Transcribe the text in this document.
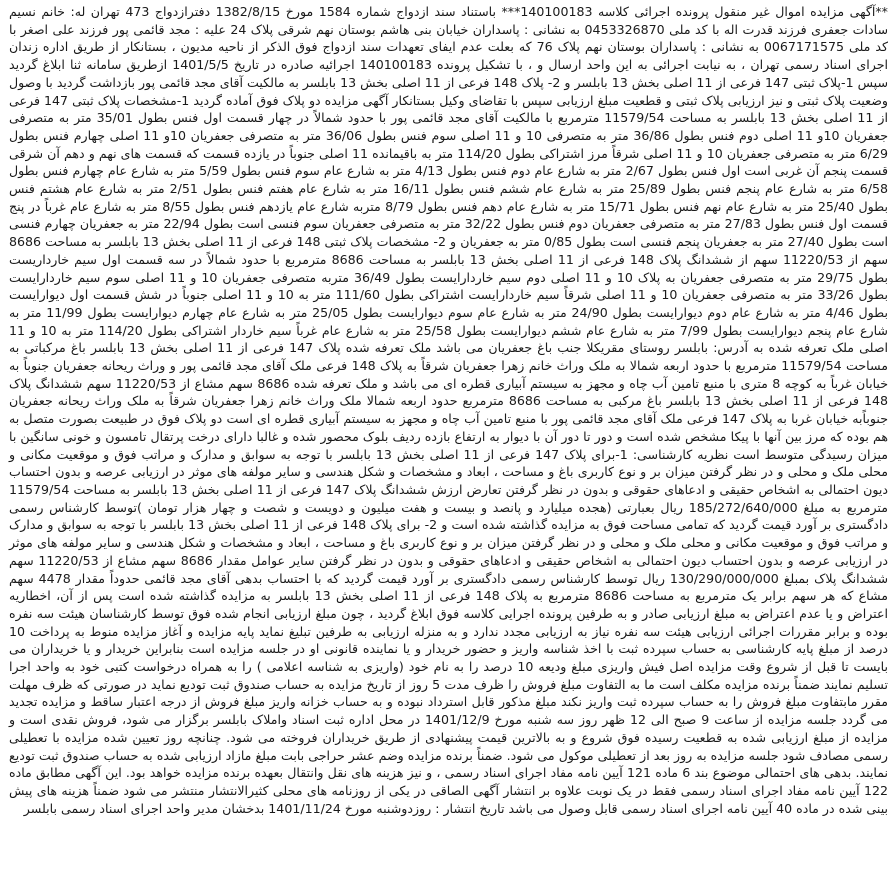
**آگهی مزایده اموال غیر منقول پرونده اجرائی کلاسه 140100183*** باستناد سند ازدواج شماره 1584 مورخ 1382/8/15 دفترازدواج 473 تهران له: خانم نسیم سادات جعفری فرزند قدرت اله با کد ملی 0453326870 به نشانی : پاسداران خیابان بنی هاشم بوستان نهم شرقی پلاک 24 علیه : مجد قائمی پور فرزند علی اصغر با کد ملی 0067171575 به نشانی : پاسداران بوستان نهم پلاک 76 که بعلت عدم ایفای تعهدات سند ازدواج فوق الذکر از ناحیه مدیون ، بستانکار از طریق اداره زندان اجرای اسناد رسمی تهران ، به نیابت اجرائی به این واحد ارسال و ، با تشکیل پرونده 140100183 اجرائیه صادره در تاریخ 1401/5/5 ازطریق سامانه ثنا ابلاغ گردید سپس 1-پلاک ثبتی 147 فرعی از 11 اصلی بخش 13 بابلسر و 2- پلاک 148 فرعی از 11 اصلی بخش 13 بابلسر به مالکیت آقای مجد قائمی پور بازداشت گردید با وصول وضعیت پلاک ثبتی و نیز ارزیابی پلاک ثبتی و قطعیت مبلغ ارزیابی سپس با تقاضای وکیل بستانکار آگهی مزایده دو پلاک فوق آماده گردید 1-مشخصات پلاک ثبتی 147 فرعی از 11 اصلی بخش 13 بابلسر به مساحت 11579/54 مترمربع با مالکیت آقای مجد قائمی پور با حدود شمالاً در چهار قسمت اول فنس بطول 35/01 متر به متصرفی جعفریان 10و 11 اصلی دوم فنس بطول 36/86 متر به متصرفی 10 و 11 اصلی سوم فنس بطول 36/06 متر به متصرفی جعفریان 10و 11 اصلی چهارم فنس بطول 6/29 متر به متصرفی جعفریان 10 و 11 اصلی شرقاً مرز اشتراکی بطول 114/20 متر به باقیمانده 11 اصلی جنوباً در یازده قسمت که قسمت های نهم و دهم آن شرقی قسمت پنجم آن غربی است اول فنس بطول 2/67 متر به شارع عام دوم فنس بطول 4/13 متر به شارع عام سوم فنس بطول 5/59 متر به شارع عام چهارم فنس بطول 6/58 متر به شارع عام پنجم فنس بطول 25/89 متر به شارع عام ششم فنس بطول 16/11 متر به شارع عام هفتم فنس بطول 2/51 متر به شارع عام هشتم فنس بطول 25/40 متر به شارع عام نهم فنس بطول 15/71 متر به شارع عام دهم فنس بطول 8/79 متربه شارع عام یازدهم فنس بطول 8/55 متر به شارع عام غرباً در پنج قسمت اول فنس بطول 27/83 متر به متصرفی جعفریان دوم فنس بطول 32/22 متر به متصرفی جعفریان سوم فنسی است بطول 22/94 متر به جعفریان چهارم فنسی است بطول 27/40 متر به جعفریان پنجم فنسی است بطول 0/85 متر به جعفریان و 2- مشخصات پلاک ثبتی 148 فرعی از 11 اصلی بخش 13 بابلسر به مساحت 8686 سهم از 11220/53 سهم از ششدانگ پلاک 148 فرعی از 11 اصلی بخش 13 بابلسر به مساحت 8686 مترمربع با حدود شمالاً در سه قسمت اول سیم خارداریست بطول 29/75 متر به متصرفی جعفریان به پلاک 10 و 11 اصلی دوم سیم خاردارایست بطول 36/49 متربه متصرفی جعفریان 10 و 11 اصلی سوم سیم خاردارایست بطول 33/26 متر به متصرفی جعفریان 10 و 11 اصلی شرقاً سیم خاردارایست اشتراکی بطول 111/60 متر به 10 و 11 اصلی جنوباً در شش قسمت اول دیوارایست بطول 4/46 متر به شارع عام دوم دیوارایست بطول 24/90 متر به شارع عام سوم دیوارایست بطول 25/05 متر به شارع عام چهارم دیوارایست بطول 11/99 متر به شارع عام پنجم دیوارایست بطول 7/99 متر به شارع عام ششم دیوارایست بطول 25/58 متر به شارع عام غرباً سیم خاردار اشتراکی بطول 114/20 متر به 10 و 11 اصلی ملک تعرفه شده به آدرس: بابلسر روستای مقریکلا جنب باغ جعفریان می باشد ملک تعرفه شده پلاک 147 فرعی از 11 اصلی بخش 13 بابلسر باغ مرکباتی به مساحت 11579/54 مترمربع با حدود اربعه شمالا به ملک وراث خانم زهرا جعفریان شرقاً به پلاک 148 فرعی ملک آقای مجد قائمی پور و وراث ریحانه جعفریان جنوباً به خیابان غرباً به کوچه 8 متری با منبع تامین آب چاه و مجهز به سیستم آبیاری قطره ای می باشد و ملک تعرفه شده 8686 سهم مشاع از 11220/53 سهم ششدانگ پلاک 148 فرعی از 11 اصلی بخش 13 بابلسر باغ مرکبی به مساحت 8686 مترمربع حدود اربعه شمالا ملک وراث خانم زهرا جعفریان شرقاً به ملک وراث ریحانه جعفریان جنوباًبه خیابان غربا به پلاک 147 فرعی ملک آقای مجد قائمی پور با منبع تامین آب چاه و مجهز به سیستم آبیاری قطره ای است دو پلاک فوق در طبیعت بصورت متصل به هم بوده که مرز بین آنها با پیکا مشخص شده است و دور تا دور آن با دیوار به ارتفاع بازده ردیف بلوک محصور شده و غالبا دارای درخت پرتقال تامسون و خونی سانگین با میزان رسیدگی متوسط است نظریه کارشناسی: 1-برای پلاک 147 فرعی از 11 اصلی بخش 13 بابلسر با توجه به سوابق و مدارک و مراتب فوق و موقعیت مکانی و محلی ملک و محلی و در نظر گرفتن میزان بر و نوع کاربری باغ و مساحت ، ابعاد و مشخصات و شکل هندسی و سایر مولفه های موثر در ارزیابی عرصه و بدون احتساب دیون احتمالی به اشخاص حقیقی و ادعاهای حقوقی و بدون در نظر گرفتن تعارض ارزش ششدانگ پلاک 147 فرعی از 11 اصلی بخش 13 بابلسر به مساحت 11579/54 مترمربع به مبلغ 185/272/640/000 ریال بعبارتی (هجده میلیارد و پانصد و بیست و هفت میلیون و دویست و شصت و چهار هزار تومان )توسط کارشناس رسمی دادگستری بر آورد قیمت گردید که تمامی مساحت فوق به مزایده گذاشته شده است و 2- برای پلاک 148 فرعی از 11 اصلی بخش 13 بابلسر با توجه به سوابق و مدارک و مراتب فوق و موقعیت مکانی و محلی ملک و محلی و در نظر گرفتن میزان بر و نوع کاربری باغ و مساحت ، ابعاد و مشخصات و شکل هندسی و سایر مولفه های موثر در ارزیابی عرصه و بدون احتساب دیون احتمالی به اشخاص حقیقی و ادعاهای حقوقی و بدون در نظر گرفتن سایر عوامل مقدار 8686 سهم مشاع از 11220/53 سهم ششدانگ پلاک بمبلغ 130/290/000/000 ریال توسط کارشناس رسمی دادگستری بر آورد قیمت گردید که با احتساب بدهی آقای مجد قائمی حدوداً مقدار 4478 سهم مشاع که هر سهم برابر یک مترمربع به مساحت 8686 مترمربع به پلاک 148 فرعی از 11 اصلی بخش 13 بابلسر به مزایده گذاشته شده است پس از آن، اخطاریه اعتراض و یا عدم اعتراض به مبلغ ارزیابی صادر و به طرفین پرونده اجرایی کلاسه فوق ابلاغ گردید ، چون مبلغ ارزیابی انجام شده فوق توسط کارشناسان هیئت سه نفره بوده و برابر مقررات اجرائی ارزیابی هیئت سه نفره نیاز به ارزیابی مجدد ندارد و به منزله ارزیابی به طرفین تبلیغ نماید پایه مزایده و آغاز مزایده منوط به پرداخت 10 درصد از مبلغ پایه کارشناسی به حساب سپرده ثبت با اخذ شناسه واریز و حضور خریدار و یا نماینده قانونی او در جلسه مزایده است بنابراین خریدار و یا خریداران می بایست تا قبل از شروع وقت مزایده اصل فیش واریزی مبلغ ودیعه 10 درصد را به نام خود (واریزی به شناسه اعلامی ) را به همراه درخواست کتبی خود به واحد اجرا تسلیم نمایند ضمناً برنده مزایده مکلف است ما به التفاوت مبلغ فروش را ظرف مدت 5 روز از تاریخ مزایده به حساب صندوق ثبت تودیع نماید در صورتی که ظرف مهلت مقرر مابتفاوت مبلغ فروش را به حساب سپرده ثبت واریز نکند مبلغ مذکور قابل استرداد نبوده و به حساب خزانه واریز مبلغ فروش از درجه اعتبار ساقط و مزایده تجدید می گردد جلسه مزایده از ساعت 9 صبح الی 12 ظهر روز سه شنبه مورخ 1401/12/9 در محل اداره ثبت اسناد واملاک بابلسر برگزار می شود، فروش نقدی است و مزایده از مبلغ ارزیابی شده به قطعیت رسیده فوق شروع و به بالاترین قیمت پیشنهادی از طریق خریداران فروخته می شود. چنانچه روز تعیین شده مزایده با تعطیلی رسمی مصادف شود جلسه مزایده به روز بعد از تعطیلی موکول می شود. ضمناً برنده مزایده وضم عشر حراجی بابت مبلغ مازاد ارزیابی شده به حساب صندوق ثبت تودیع نمایند. بدهی های احتمالی موضوع بند 6 ماده 121 آیین نامه مفاد اجرای اسناد رسمی ، و نیز هزینه های نقل وانتقال بعهده برنده مزایده خواهد بود. این آگهی مطابق ماده 122 آیین نامه مفاد اجرای اسناد رسمی فقط در یک نوبت علاوه بر انتشار آگهی الصاقی در یکی از روزنامه های محلی کثیرالانتشار منتشر می شود ضمناً هزینه های پیش بینی شده در ماده 40 آیین نامه اجرای اسناد رسمی قابل وصول می باشد تاریخ انتشار : روزدوشنبه مورخ 1401/11/24 بدخشان مدیر واحد اجرای اسناد رسمی بابلسر
